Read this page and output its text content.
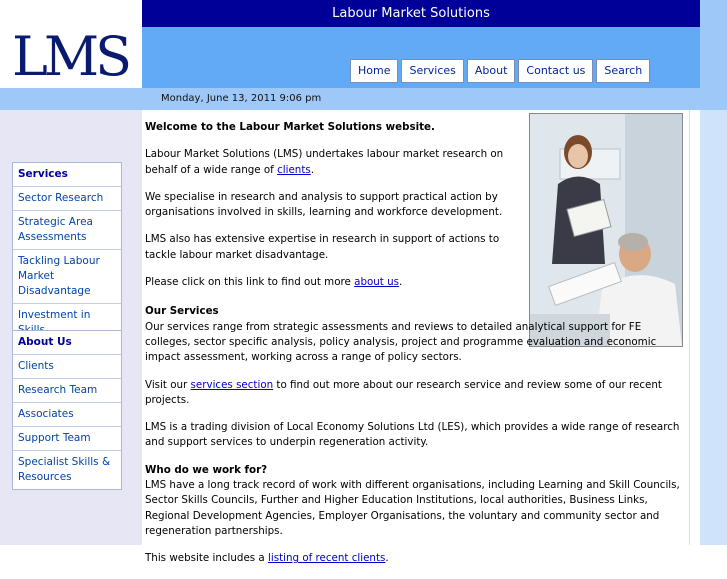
Labour Market Solutions
LMS	Home	Services	About	Contact us	Search
Monday, June 13, 2011 9:06 pm
Services
Sector Research
Strategic Area Assessments
Tackling Labour Market Disadvantage
Investment in
About Us
Clients
Research Team
Associates
Support Team
Specialist Skills & Resources

Welcome to the Labour Market Solutions website.

Labour Market Solutions (LMS) undertakes labour market research on behalf of a wide range of clients.

We specialise in research and analysis to support practical action by organisations involved in skills, learning and workforce development.

LMS also has extensive expertise in research in support of actions to tackle labour market disadvantage.

Please click on this link to find out more about us.

Our Services
Our services range from strategic assessments and reviews to detailed analytical support for FE colleges, sector specific analysis, policy analysis, project and programme evaluation and economic impact assessment, working across a range of policy sectors.

Visit our services section to find out more about our research service and review some of our recent projects.

LMS is a trading division of Local Economy Solutions Ltd (LES), which provides a wide range of research and support services to underpin regeneration activity.

Who do we work for?
LMS have a long track record of work with different organisations, including Learning and Skill Councils, Sector Skills Councils, Further and Higher Education Institutions, local authorities, Business Links, Regional Development Agencies, Employer Organisations, the voluntary and community sector and regeneration partnerships.

This website includes a listing of recent clients.
